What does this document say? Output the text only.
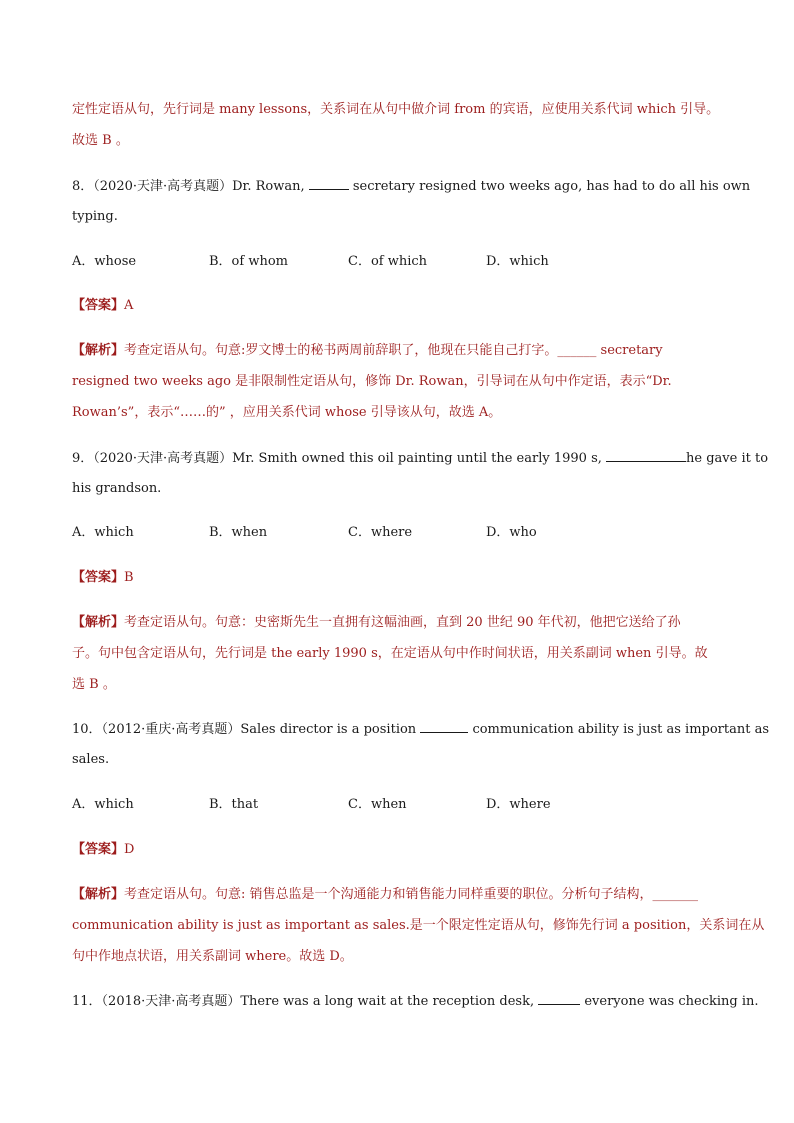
定性定语从句，先行词是 many lessons，关系词在从句中做介词 from 的宾语，应使用关系代词 which 引导。
故选 B 。
8．（2020·天津·高考真题）Dr. Rowan,	secretary resigned two weeks ago, has had to do all his own
typing.
A．whose	B．of whom	C．of which	D．which
【答案】A
【解析】考查定语从句。句意:罗文博士的秘书两周前辞职了，他现在只能自己打字。______ secretary
resigned two weeks ago 是非限制性定语从句，修饰 Dr. Rowan，引导词在从句中作定语，表示“Dr.
Rowan’s”，表示“……的” ，应用关系代词 whose 引导该从句，故选 A。
9．（2020·天津·高考真题）Mr. Smith owned this oil painting until the early 1990 s,	he gave it to
his grandson.
A．which	B．when	C．where	D．who
【答案】B
【解析】考查定语从句。句意：史密斯先生一直拥有这幅油画，直到 20 世纪 90 年代初，他把它送给了孙
子。句中包含定语从句，先行词是 the early 1990 s，在定语从句中作时间状语，用关系副词 when 引导。故
选 B 。
10．（2012·重庆·高考真题）Sales director is a position	communication ability is just as important as
sales.
A．which	B．that	C．when	D．where
【答案】D
【解析】考查定语从句。句意: 销售总监是一个沟通能力和销售能力同样重要的职位。分析句子结构，_______
communication ability is just as important as sales.是一个限定性定语从句，修饰先行词 a position，关系词在从
句中作地点状语，用关系副词 where。故选 D。
11．（2018·天津·高考真题）There was a long wait at the reception desk,	everyone was checking in.
